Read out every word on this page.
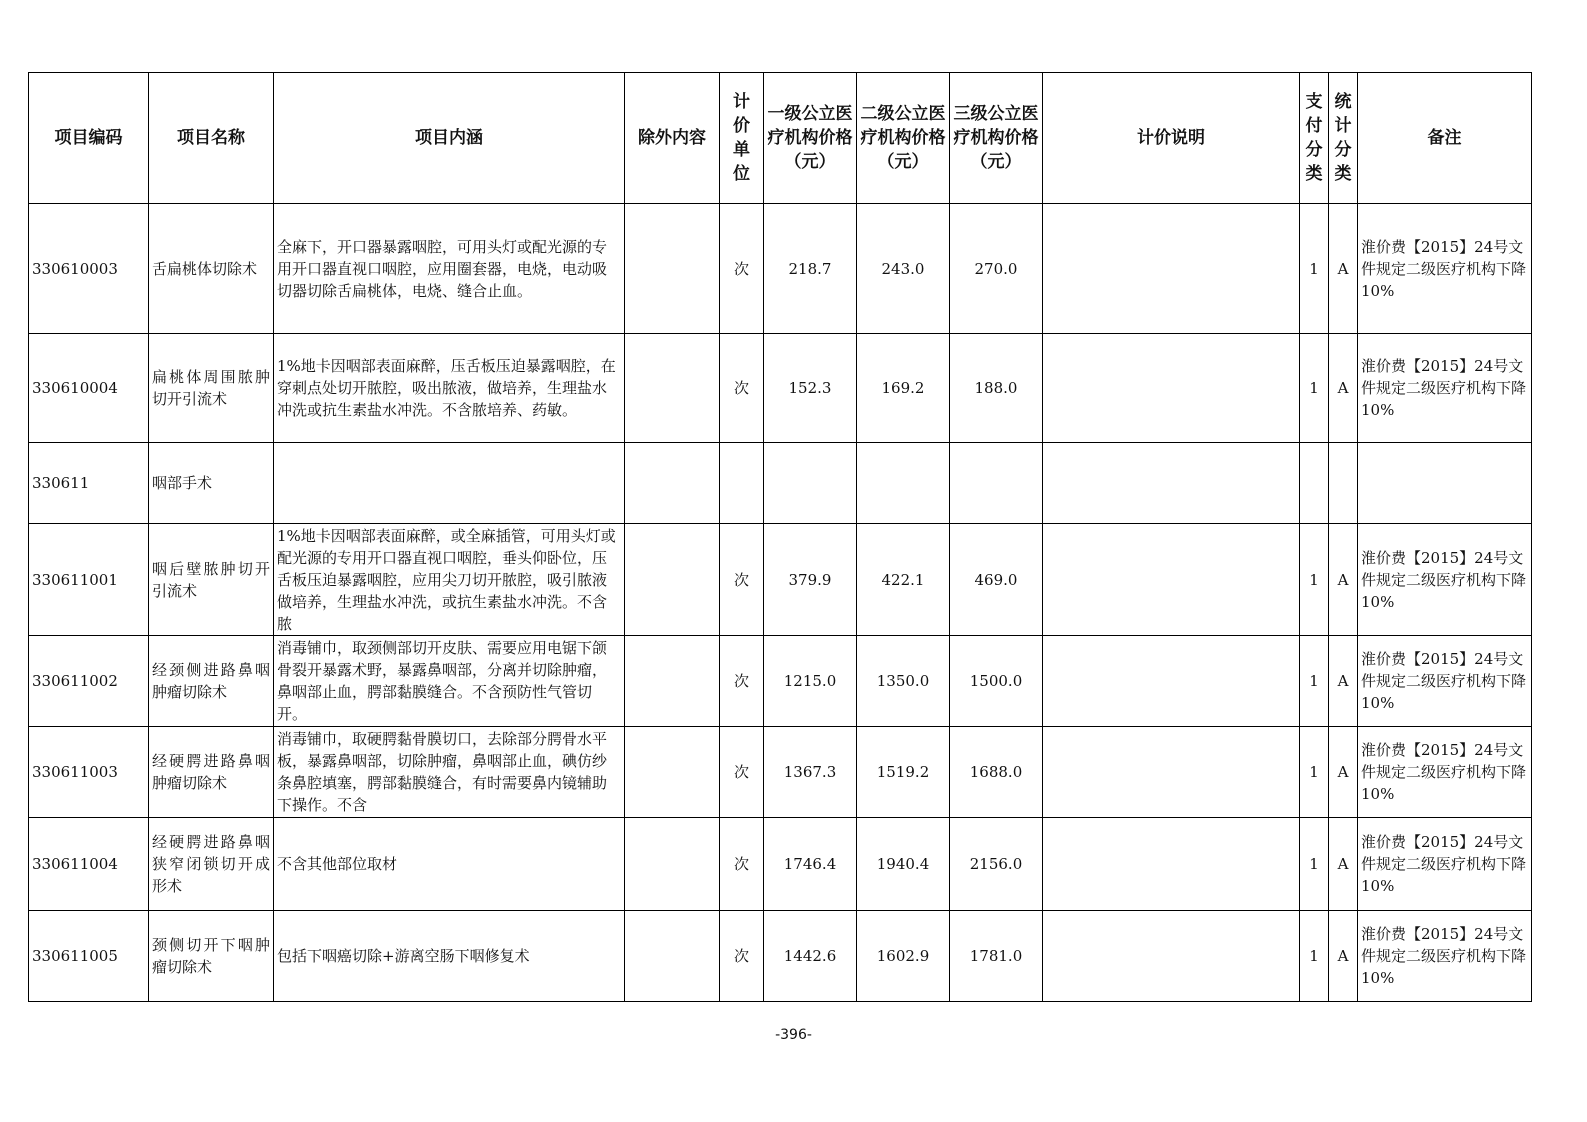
项目编码	项目名称	项目内涵	除外内容	计价单位	一级公立医疗机构价格（元）	二级公立医疗机构价格（元）	三级公立医疗机构价格（元）	计价说明	支付分类	统计分类	备注
330610003	舌扁桃体切除术	全麻下，开口器暴露咽腔，可用头灯或配光源的专用开口器直视口咽腔，应用圈套器，电烧，电动吸切器切除舌扁桃体，电烧、缝合止血。		次	218.7	243.0	270.0		1	A	淮价费【2015】24号文件规定二级医疗机构下降10%
330610004	扁桃体周围脓肿切开引流术	1%地卡因咽部表面麻醉，压舌板压迫暴露咽腔，在穿刺点处切开脓腔，吸出脓液，做培养，生理盐水冲洗或抗生素盐水冲洗。不含脓培养、药敏。		次	152.3	169.2	188.0		1	A	淮价费【2015】24号文件规定二级医疗机构下降10%
330611	咽部手术										
330611001	咽后壁脓肿切开引流术	1%地卡因咽部表面麻醉，或全麻插管，可用头灯或配光源的专用开口器直视口咽腔，垂头仰卧位，压舌板压迫暴露咽腔，应用尖刀切开脓腔，吸引脓液做培养，生理盐水冲洗，或抗生素盐水冲洗。不含脓		次	379.9	422.1	469.0		1	A	淮价费【2015】24号文件规定二级医疗机构下降10%
330611002	经颈侧进路鼻咽肿瘤切除术	消毒铺巾，取颈侧部切开皮肤、需要应用电锯下颌骨裂开暴露术野，暴露鼻咽部，分离并切除肿瘤，鼻咽部止血，腭部黏膜缝合。不含预防性气管切开。		次	1215.0	1350.0	1500.0		1	A	淮价费【2015】24号文件规定二级医疗机构下降10%
330611003	经硬腭进路鼻咽肿瘤切除术	消毒铺巾，取硬腭黏骨膜切口，去除部分腭骨水平板，暴露鼻咽部，切除肿瘤，鼻咽部止血，碘仿纱条鼻腔填塞，腭部黏膜缝合，有时需要鼻内镜辅助下操作。不含		次	1367.3	1519.2	1688.0		1	A	淮价费【2015】24号文件规定二级医疗机构下降10%
330611004	经硬腭进路鼻咽狭窄闭锁切开成形术	不含其他部位取材		次	1746.4	1940.4	2156.0		1	A	淮价费【2015】24号文件规定二级医疗机构下降10%
330611005	颈侧切开下咽肿瘤切除术	包括下咽癌切除+游离空肠下咽修复术		次	1442.6	1602.9	1781.0		1	A	淮价费【2015】24号文件规定二级医疗机构下降10%
-396-
